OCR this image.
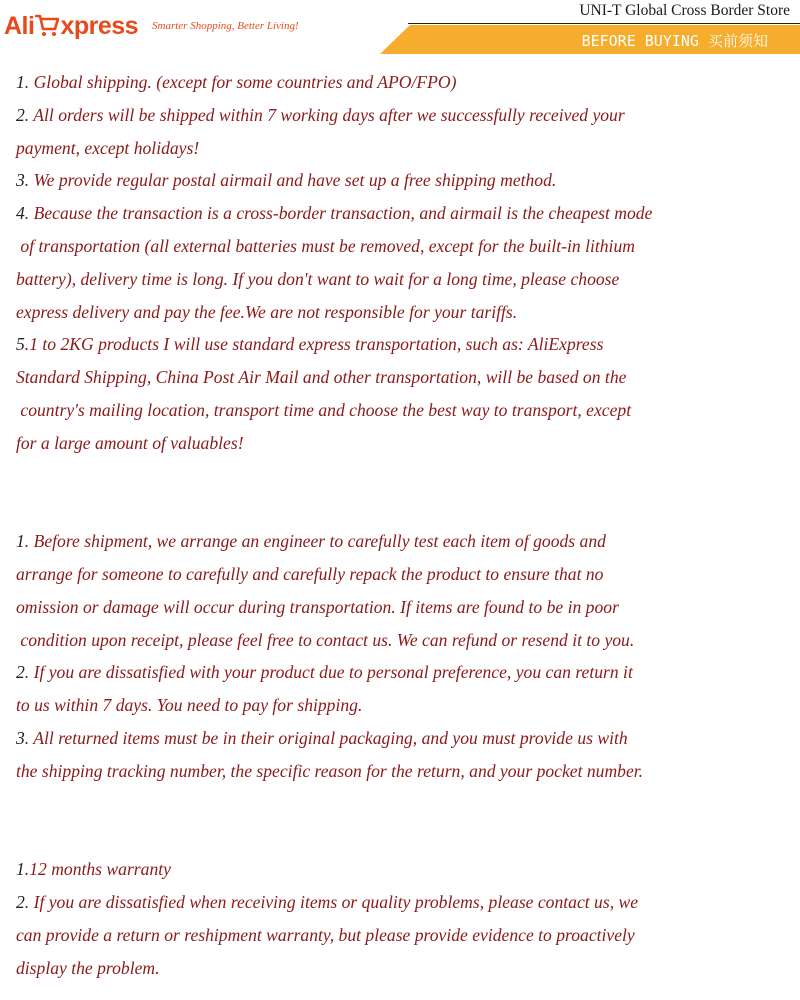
Ali xpress Smarter Shopping, Better Living!
UNI-T Global Cross Border Store
BEFORE BUYING 买前须知
1. Global shipping. (except for some countries and APO/FPO)
2. All orders will be shipped within 7 working days after we successfully received your
payment, except holidays!
3. We provide regular postal airmail and have set up a free shipping method.
4. Because the transaction is a cross-border transaction, and airmail is the cheapest mode
of transportation (all external batteries must be removed, except for the built-in lithium
battery), delivery time is long. If you don't want to wait for a long time, please choose
express delivery and pay the fee.We are not responsible for your tariffs.
5.1 to 2KG products I will use standard express transportation, such as: AliExpress
Standard Shipping, China Post Air Mail and other transportation, will be based on the
country's mailing location, transport time and choose the best way to transport, except
for a large amount of valuables!
1. Before shipment, we arrange an engineer to carefully test each item of goods and
arrange for someone to carefully and carefully repack the product to ensure that no
omission or damage will occur during transportation. If items are found to be in poor
condition upon receipt, please feel free to contact us. We can refund or resend it to you.
2. If you are dissatisfied with your product due to personal preference, you can return it
to us within 7 days. You need to pay for shipping.
3. All returned items must be in their original packaging, and you must provide us with
the shipping tracking number, the specific reason for the return, and your pocket number.
1.12 months warranty
2. If you are dissatisfied when receiving items or quality problems, please contact us, we
can provide a return or reshipment warranty, but please provide evidence to proactively
display the problem.
